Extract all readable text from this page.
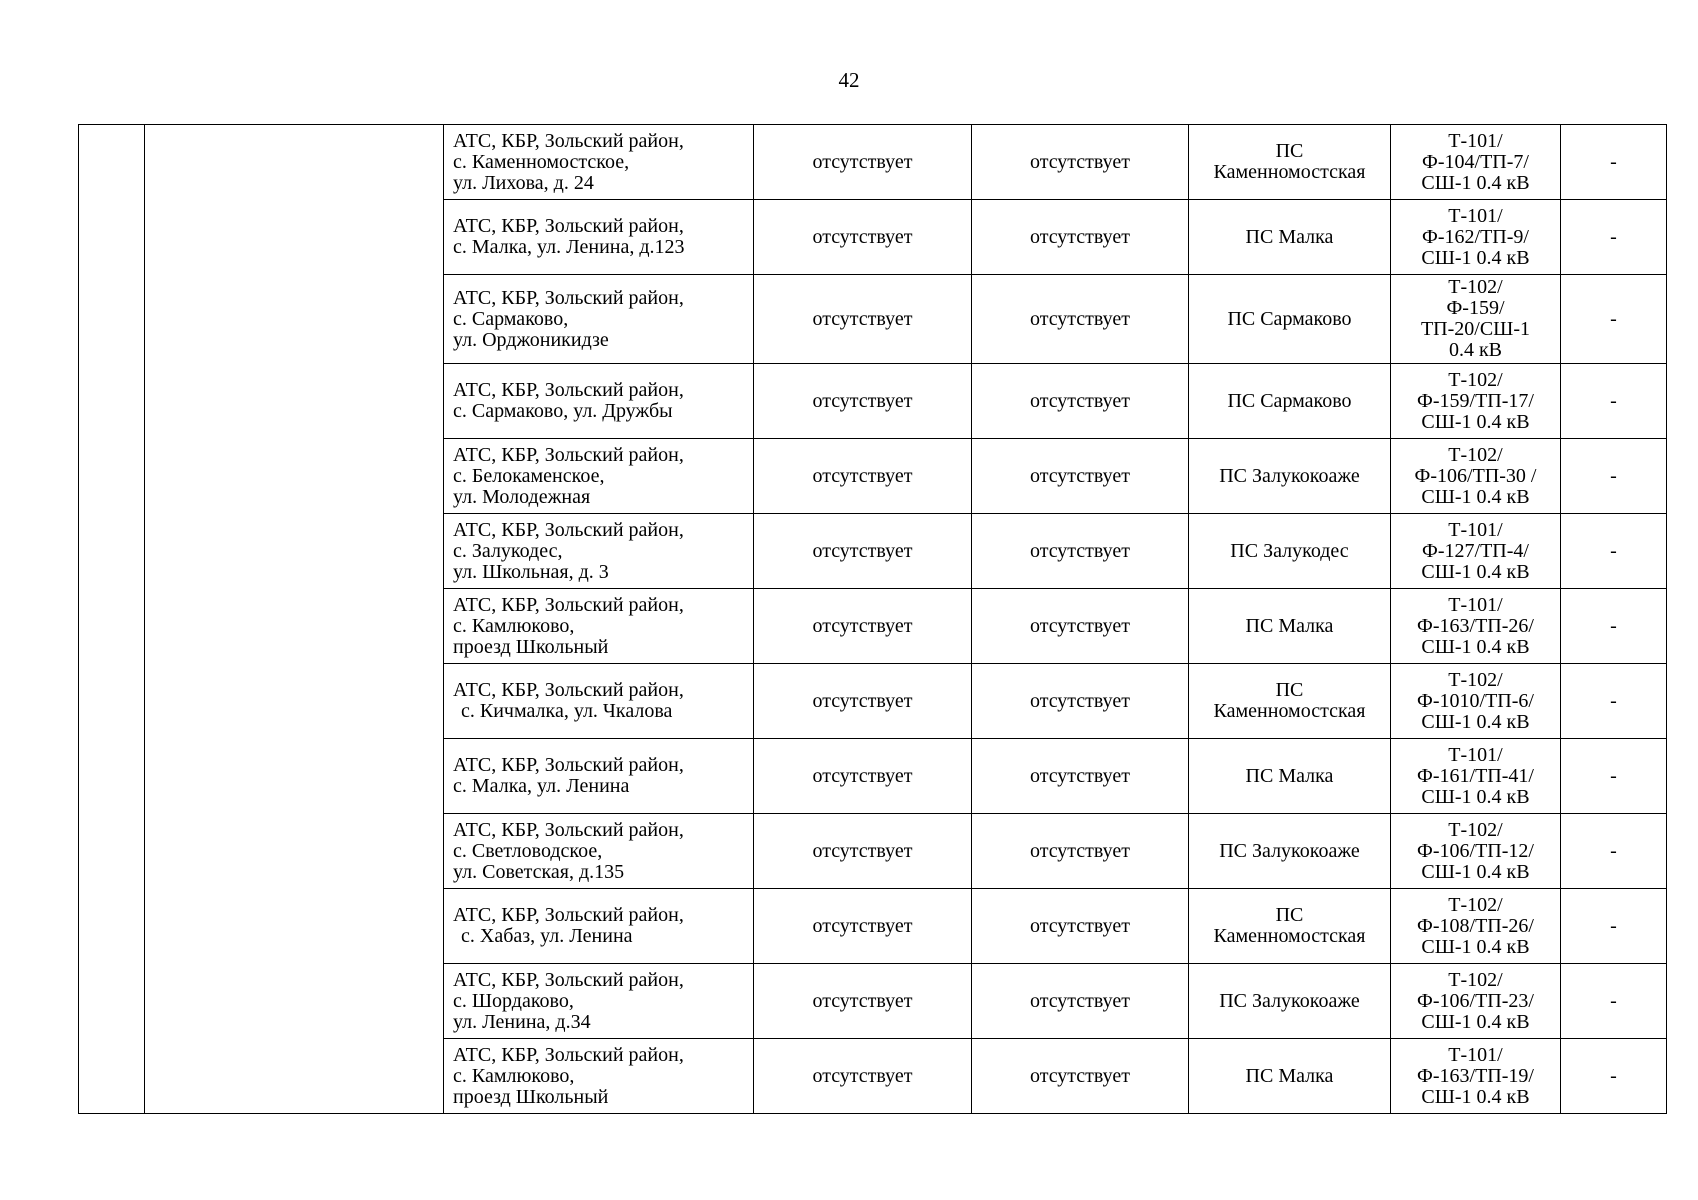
42

		АТС, КБР, Зольский район,
с. Каменномостское,
ул. Лихова, д. 24	отсутствует	отсутствует	ПС
Каменномостская	Т-101/
Ф-104/ТП-7/
СШ-1 0.4 кВ	-

		АТС, КБР, Зольский район,
с. Малка, ул. Ленина, д.123	отсутствует	отсутствует	ПС Малка	Т-101/
Ф-162/ТП-9/
СШ-1 0.4 кВ	-

		АТС, КБР, Зольский район,
с. Сармаково,
ул. Орджоникидзе	отсутствует	отсутствует	ПС Сармаково	Т-102/
Ф-159/
ТП-20/СШ-1
0.4 кВ	-

		АТС, КБР, Зольский район,
с. Сармаково, ул. Дружбы	отсутствует	отсутствует	ПС Сармаково	Т-102/
Ф-159/ТП-17/
СШ-1 0.4 кВ	-

		АТС, КБР, Зольский район,
с. Белокаменское,
ул. Молодежная	отсутствует	отсутствует	ПС Залукокоаже	Т-102/
Ф-106/ТП-30 /
СШ-1 0.4 кВ	-

		АТС, КБР, Зольский район,
с. Залукодес,
ул. Школьная, д. 3	отсутствует	отсутствует	ПС Залукодес	Т-101/
Ф-127/ТП-4/
СШ-1 0.4 кВ	-

		АТС, КБР, Зольский район,
с. Камлюково,
проезд Школьный	отсутствует	отсутствует	ПС Малка	Т-101/
Ф-163/ТП-26/
СШ-1 0.4 кВ	-

		АТС, КБР, Зольский район,
с. Кичмалка, ул. Чкалова	отсутствует	отсутствует	ПС
Каменномостская	Т-102/
Ф-1010/ТП-6/
СШ-1 0.4 кВ	-

		АТС, КБР, Зольский район,
с. Малка, ул. Ленина	отсутствует	отсутствует	ПС Малка	Т-101/
Ф-161/ТП-41/
СШ-1 0.4 кВ	-

		АТС, КБР, Зольский район,
с. Светловодское,
ул. Советская, д.135	отсутствует	отсутствует	ПС Залукокоаже	Т-102/
Ф-106/ТП-12/
СШ-1 0.4 кВ	-

		АТС, КБР, Зольский район,
с. Хабаз, ул. Ленина	отсутствует	отсутствует	ПС
Каменномостская	Т-102/
Ф-108/ТП-26/
СШ-1 0.4 кВ	-

		АТС, КБР, Зольский район,
с. Шордаково,
ул. Ленина, д.34	отсутствует	отсутствует	ПС Залукокоаже	Т-102/
Ф-106/ТП-23/
СШ-1 0.4 кВ	-

		АТС, КБР, Зольский район,
с. Камлюково,
проезд Школьный	отсутствует	отсутствует	ПС Малка	Т-101/
Ф-163/ТП-19/
СШ-1 0.4 кВ	-
